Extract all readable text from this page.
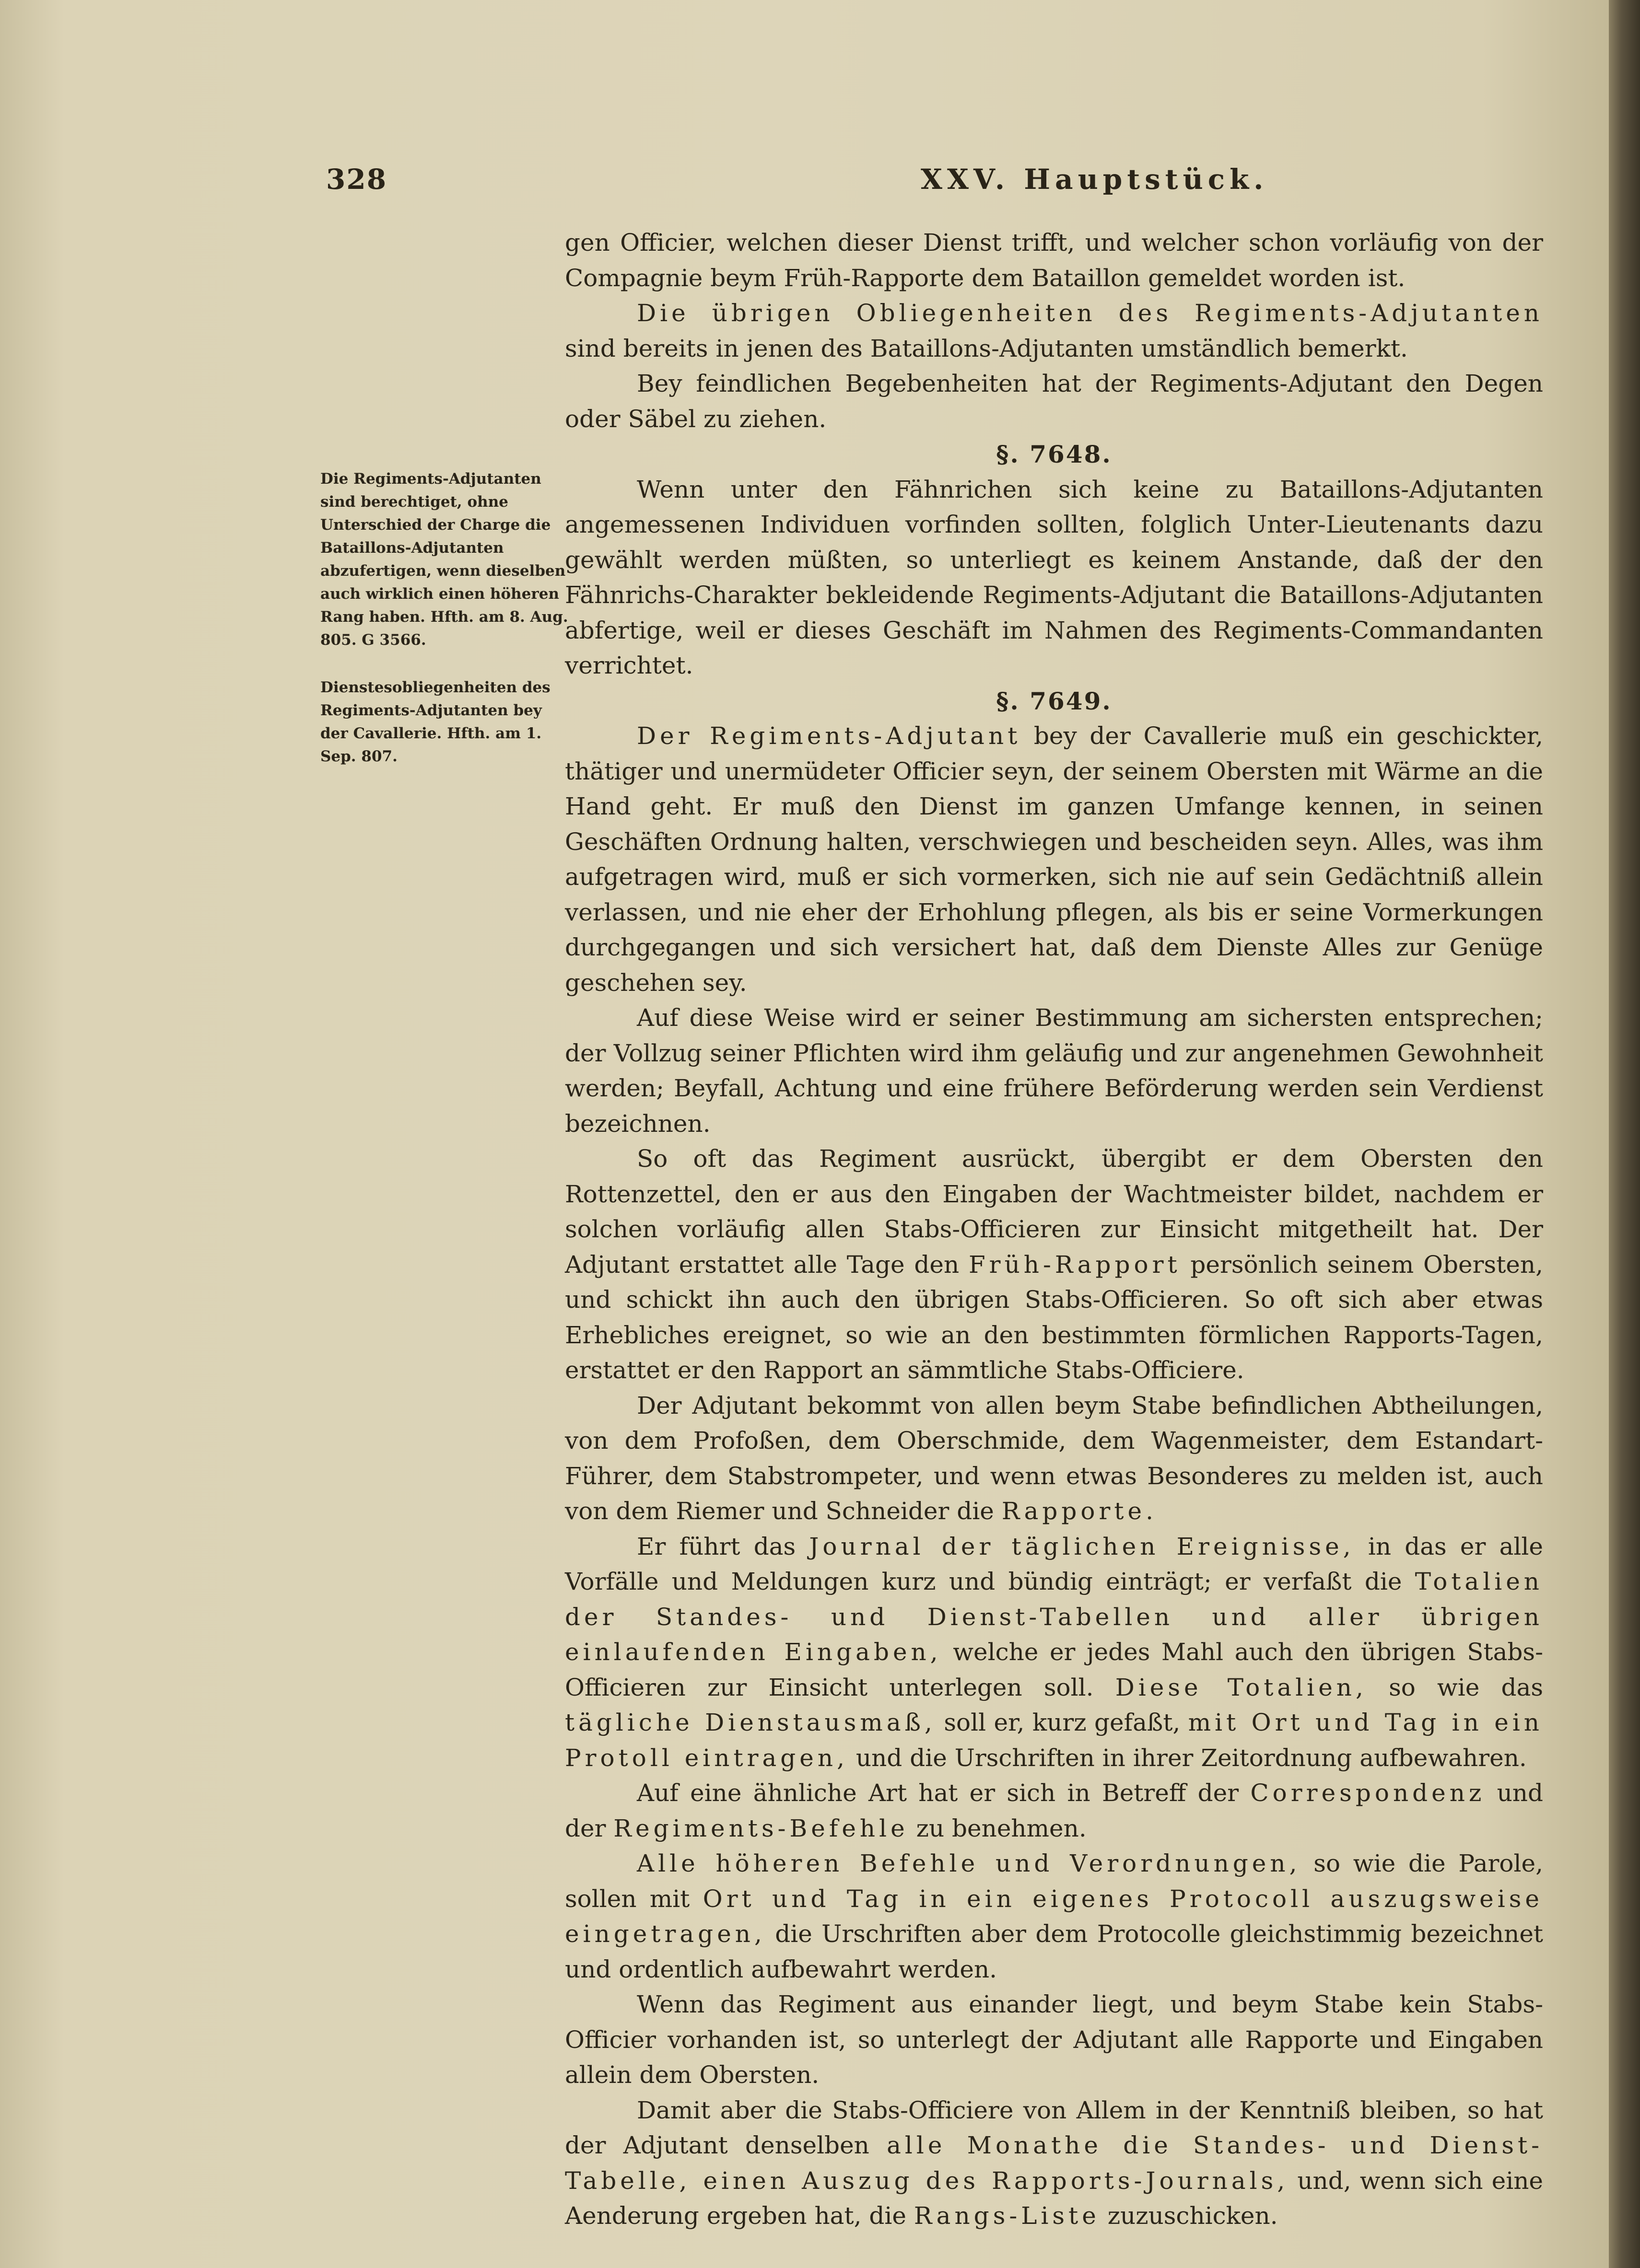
328	XXV. Hauptstück.
Die Regiments-Adjutanten sind berechtiget, ohne Unterschied der Charge die Bataillons-Adjutanten abzufertigen, wenn dieselben auch wirklich einen höheren Rang haben. Hfth. am 8. Aug. 805. G 3566.
Dienstesobliegenheiten des Regiments-Adjutanten bey der Cavallerie. Hfth. am 1. Sep. 807.

gen Officier, welchen dieser Dienst trifft, und welcher schon vorläufig von der Compagnie beym Früh-Rapporte dem Bataillon gemeldet worden ist.

Die übrigen Obliegenheiten des Regiments-Adjutanten sind bereits in jenen des Bataillons-Adjutanten umständlich bemerkt.

Bey feindlichen Begebenheiten hat der Regiments-Adjutant den Degen oder Säbel zu ziehen.

§. 7648.

Wenn unter den Fähnrichen sich keine zu Bataillons-Adjutanten angemessenen Individuen vorfinden sollten, folglich Unter-Lieutenants dazu gewählt werden müßten, so unterliegt es keinem Anstande, daß der den Fähnrichs-Charakter bekleidende Regiments-Adjutant die Bataillons-Adjutanten abfertige, weil er dieses Geschäft im Nahmen des Regiments-Commandanten verrichtet.

§. 7649.

Der Regiments-Adjutant bey der Cavallerie muß ein geschickter, thätiger und unermüdeter Officier seyn, der seinem Obersten mit Wärme an die Hand geht. Er muß den Dienst im ganzen Umfange kennen, in seinen Geschäften Ordnung halten, verschwiegen und bescheiden seyn. Alles, was ihm aufgetragen wird, muß er sich vormerken, sich nie auf sein Gedächtniß allein verlassen, und nie eher der Erhohlung pflegen, als bis er seine Vormerkungen durchgegangen und sich versichert hat, daß dem Dienste Alles zur Genüge geschehen sey.

Auf diese Weise wird er seiner Bestimmung am sichersten entsprechen; der Vollzug seiner Pflichten wird ihm geläufig und zur angenehmen Gewohnheit werden; Beyfall, Achtung und eine frühere Beförderung werden sein Verdienst bezeichnen.

So oft das Regiment ausrückt, übergibt er dem Obersten den Rottenzettel, den er aus den Eingaben der Wachtmeister bildet, nachdem er solchen vorläufig allen Stabs-Officieren zur Einsicht mitgetheilt hat. Der Adjutant erstattet alle Tage den Früh-Rapport persönlich seinem Obersten, und schickt ihn auch den übrigen Stabs-Officieren. So oft sich aber etwas Erhebliches ereignet, so wie an den bestimmten förmlichen Rapports-Tagen, erstattet er den Rapport an sämmtliche Stabs-Officiere.

Der Adjutant bekommt von allen beym Stabe befindlichen Abtheilungen, von dem Profoßen, dem Oberschmide, dem Wagenmeister, dem Estandart-Führer, dem Stabstrompeter, und wenn etwas Besonderes zu melden ist, auch von dem Riemer und Schneider die Rapporte.

Er führt das Journal der täglichen Ereignisse, in das er alle Vorfälle und Meldungen kurz und bündig einträgt; er verfaßt die Totalien der Standes- und Dienst-Tabellen und aller übrigen einlaufenden Eingaben, welche er jedes Mahl auch den übrigen Stabs-Officieren zur Einsicht unterlegen soll. Diese Totalien, so wie das tägliche Dienstausmaß, soll er, kurz gefaßt, mit Ort und Tag in ein Protoll eintragen, und die Urschriften in ihrer Zeitordnung aufbewahren.

Auf eine ähnliche Art hat er sich in Betreff der Correspondenz und der Regiments-Befehle zu benehmen.

Alle höheren Befehle und Verordnungen, so wie die Parole, sollen mit Ort und Tag in ein eigenes Protocoll auszugsweise eingetragen, die Urschriften aber dem Protocolle gleichstimmig bezeichnet und ordentlich aufbewahrt werden.

Wenn das Regiment aus einander liegt, und beym Stabe kein Stabs-Officier vorhanden ist, so unterlegt der Adjutant alle Rapporte und Eingaben allein dem Obersten.

Damit aber die Stabs-Officiere von Allem in der Kenntniß bleiben, so hat der Adjutant denselben alle Monathe die Standes- und Dienst-Tabelle, einen Auszug des Rapports-Journals, und, wenn sich eine Aenderung ergeben hat, die Rangs-Liste zuzuschicken.
